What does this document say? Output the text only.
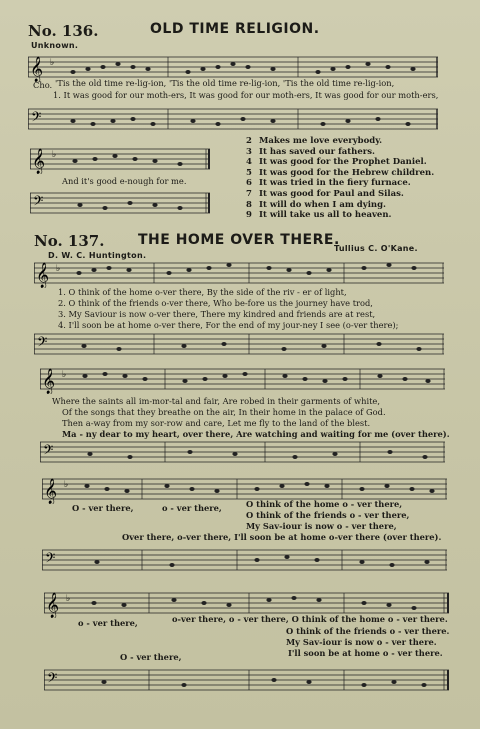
No. 136.	OLD TIME RELIGION.
Unknown.
𝄞 ♭
Cho. 'Tis the old time re-lig-ion, 'Tis the old time re-lig-ion, 'Tis the old time re-lig-ion,
1. It was good for our moth-ers, It was good for our moth-ers, It was good for our moth-ers,
𝄢
𝄞 ♭
And it's good e-nough for me.
𝄢
2 Makes me love everybody.
3 It has saved our fathers.
4 It was good for the Prophet Daniel.
5 It was good for the Hebrew children.
6 It was tried in the fiery furnace.
7 It was good for Paul and Silas.
8 It will do when I am dying.
9 It will take us all to heaven.
No. 137. THE HOME OVER THERE.
Tullius C. O'Kane.
D. W. C. Huntington.
𝄞 ♭
1. O think of the home o-ver there, By the side of the riv - er of light,
2. O think of the friends o-ver there, Who be-fore us the journey have trod,
3. My Saviour is now o-ver there, There my kindred and friends are at rest,
4. I'll soon be at home o-ver there, For the end of my jour-ney I see (o-ver there);
𝄢
𝄞 ♭
Where the saints all im-mor-tal and fair, Are robed in their garments of white,
Of the songs that they breathe on the air, In their home in the palace of God.
Then a-way from my sor-row and care, Let me fly to the land of the blest.
Ma - ny dear to my heart, over there, Are watching and waiting for me (over there).
𝄢
𝄞 ♭
O - ver there,	o - ver there,	O think of the home o - ver there,
O think of the friends o - ver there,
My Sav-iour is now o - ver there,
Over there, o-ver there, I'll soon be at home o-ver there (over there).
𝄢
𝄞 ♭
o - ver there,	o-ver there, o - ver there, O think of the home o - ver there.
O think of the friends o - ver there.
My Sav-iour is now o - ver there.
I'll soon be at home o - ver there.
O - ver there,
𝄢
